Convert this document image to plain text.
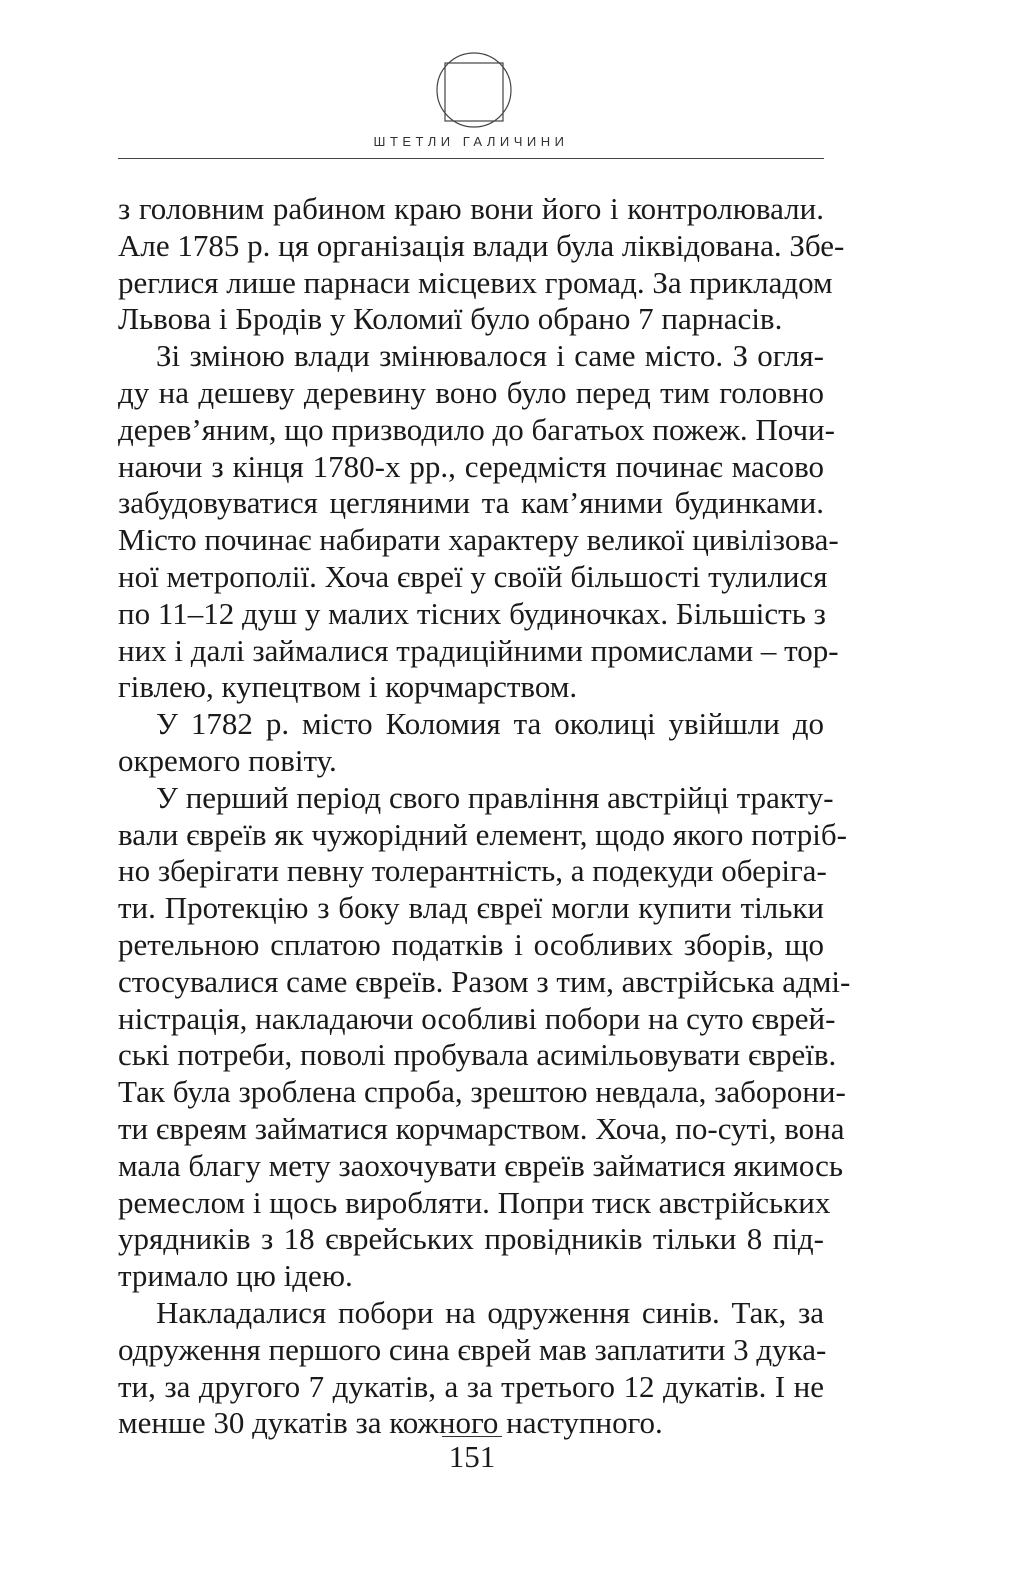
ШТЕТЛИ ГАЛИЧИНИ
з головним рабином краю вони його і контролювали.
Але 1785 р. ця організація влади була ліквідована. Збе-
реглися лише парнаси місцевих громад. За прикладом
Львова і Бродів у Коломиї було обрано 7 парнасів.
Зі зміною влади змінювалося і саме місто. З огля-
ду на дешеву деревину воно було перед тим головно
дерев’яним, що призводило до багатьох пожеж. Почи-
наючи з кінця 1780-х рр., середмістя починає масово
забудовуватися цегляними та кам’яними будинками.
Місто починає набирати характеру великої цивілізова-
ної метрополії. Хоча євреї у своїй більшості тулилися
по 11–12 душ у малих тісних будиночках. Більшість з
них і далі займалися традиційними промислами – тор-
гівлею, купецтвом і корчмарством.
У 1782 р. місто Коломия та околиці увійшли до
окремого повіту.
У перший період свого правління австрійці тракту-
вали євреїв як чужорідний елемент, щодо якого потріб-
но зберігати певну толерантність, а подекуди оберіга-
ти. Протекцію з боку влад євреї могли купити тільки
ретельною сплатою податків і особливих зборів, що
стосувалися саме євреїв. Разом з тим, австрійська адмі-
ністрація, накладаючи особливі побори на суто єврей-
ські потреби, поволі пробувала асимільовувати євреїв.
Так була зроблена спроба, зрештою невдала, заборони-
ти євреям займатися корчмарством. Хоча, по-суті, вона
мала благу мету заохочувати євреїв займатися якимось
ремеслом і щось виробляти. Попри тиск австрійських
урядників з 18 єврейських провідників тільки 8 під-
тримало цю ідею.
Накладалися побори на одруження синів. Так, за
одруження першого сина єврей мав заплатити 3 дука-
ти, за другого 7 дукатів, а за третього 12 дукатів. І не
менше 30 дукатів за кожного наступного.
151
